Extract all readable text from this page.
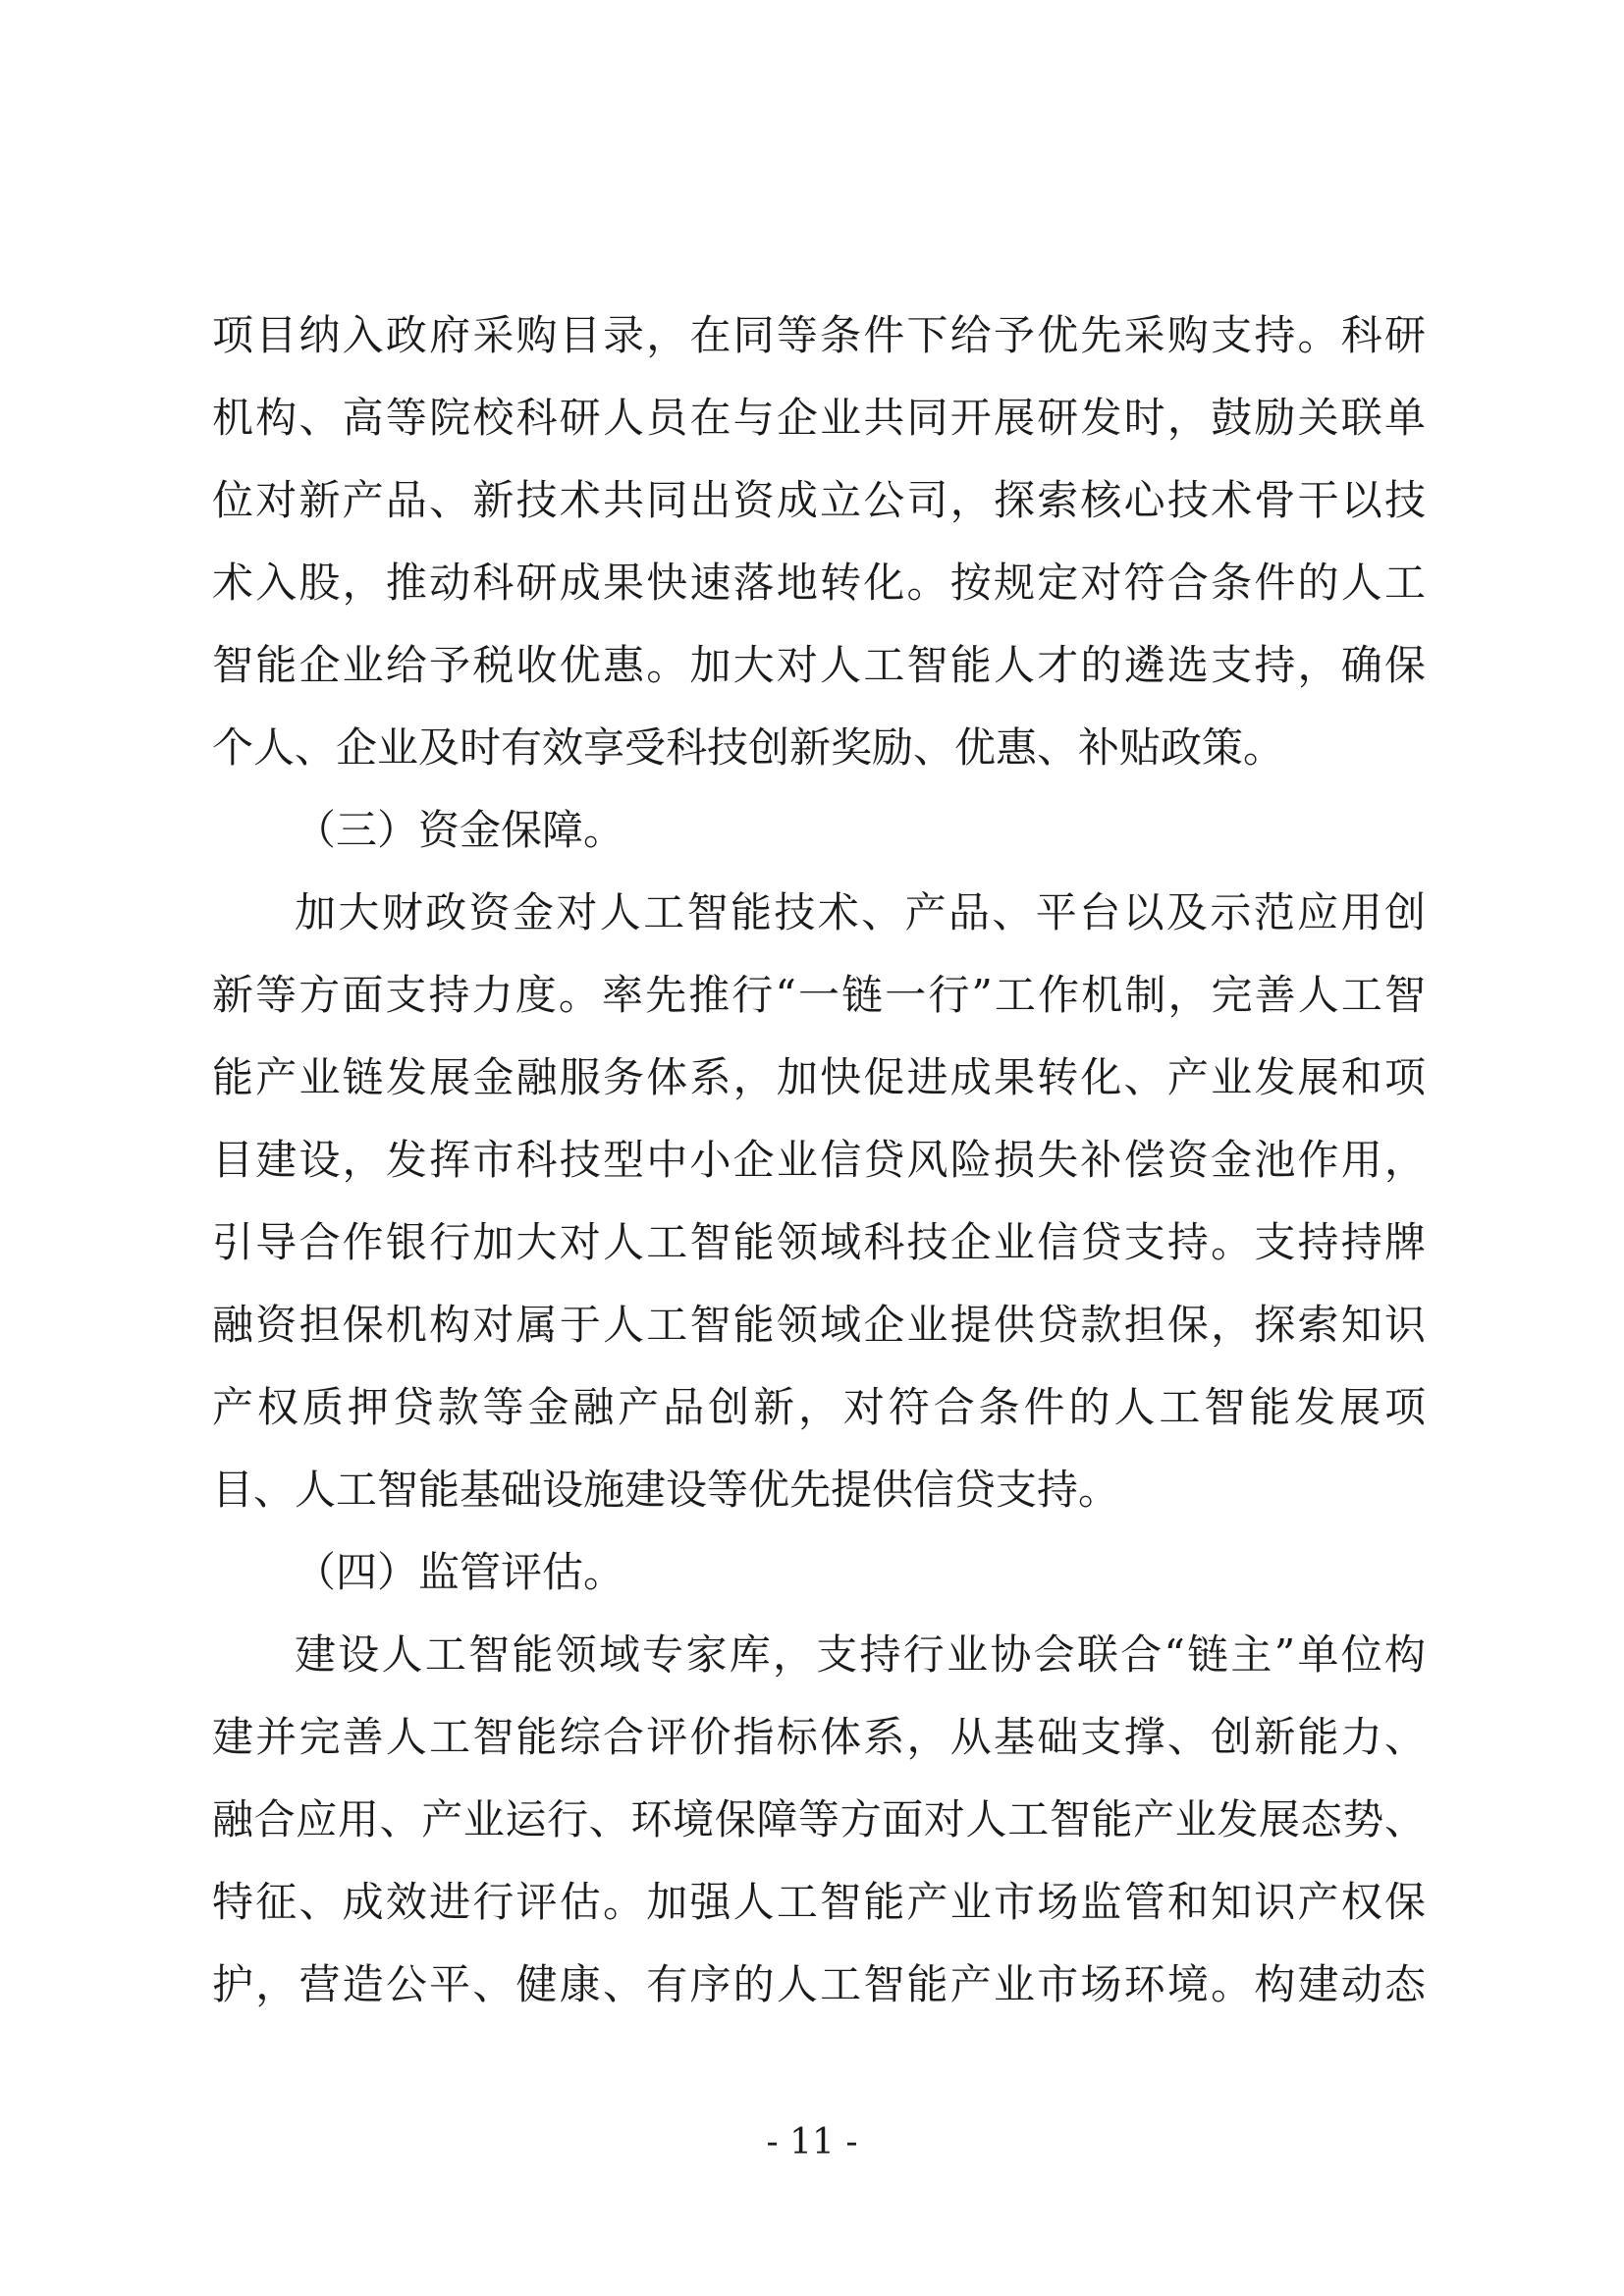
项目纳入政府采购目录，在同等条件下给予优先采购支持。科研
机构、高等院校科研人员在与企业共同开展研发时，鼓励关联单
位对新产品、新技术共同出资成立公司，探索核心技术骨干以技
术入股，推动科研成果快速落地转化。按规定对符合条件的人工
智能企业给予税收优惠。加大对人工智能人才的遴选支持，确保
个人、企业及时有效享受科技创新奖励、优惠、补贴政策。
（三）资金保障。
加大财政资金对人工智能技术、产品、平台以及示范应用创
新等方面支持力度。率先推行“一链一行”工作机制，完善人工智
能产业链发展金融服务体系，加快促进成果转化、产业发展和项
目建设，发挥市科技型中小企业信贷风险损失补偿资金池作用，
引导合作银行加大对人工智能领域科技企业信贷支持。支持持牌
融资担保机构对属于人工智能领域企业提供贷款担保，探索知识
产权质押贷款等金融产品创新，对符合条件的人工智能发展项
目、人工智能基础设施建设等优先提供信贷支持。
（四）监管评估。
建设人工智能领域专家库，支持行业协会联合“链主”单位构
建并完善人工智能综合评价指标体系，从基础支撑、创新能力、
融合应用、产业运行、环境保障等方面对人工智能产业发展态势、
特征、成效进行评估。加强人工智能产业市场监管和知识产权保
护，营造公平、健康、有序的人工智能产业市场环境。构建动态
- 11 -
